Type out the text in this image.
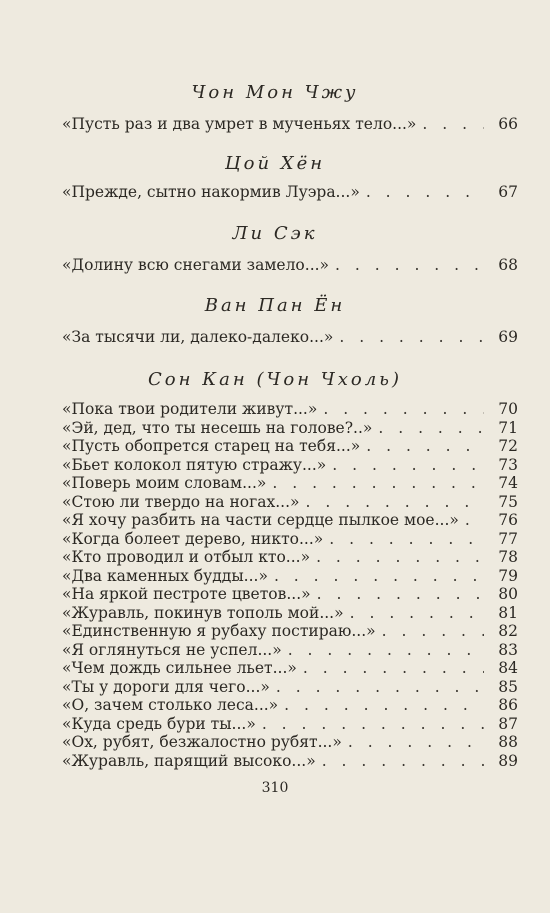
Чон Мон Чжу
«Пусть раз и два умрет в мученьях тело...» . . .	66
Цой Хён
«Прежде, сытно накормив Луэра...» . . .	67
Ли Сэк
«Долину всю снегами замело...» . . .	68
Ван Пан Ён
«За тысячи ли, далеко-далеко...» . . .	69
Сон Кан (Чон Чхоль)
«Пока твои родители живут...» . . .	70
«Эй, дед, что ты несешь на голове?..» . . .	71
«Пусть обопрется старец на тебя...» . . .	72
«Бьет колокол пятую стражу...» . . .	73
«Поверь моим словам...» . . .	74
«Стою ли твердо на ногах...» . . .	75
«Я хочу разбить на части сердце пылкое мое...» . . .	76
«Когда болеет дерево, никто...» . . .	77
«Кто проводил и отбыл кто...» . . .	78
«Два каменных будды...» . . .	79
«На яркой пестроте цветов...» . . .	80
«Журавль, покинув тополь мой...» . . .	81
«Единственную я рубаху постираю...» . . .	82
«Я оглянуться не успел...» . . .	83
«Чем дождь сильнее льет...» . . .	84
«Ты у дороги для чего...» . . .	85
«О, зачем столько леса...» . . .	86
«Куда средь бури ты...» . . .	87
«Ох, рубят, безжалостно рубят...» . . .	88
«Журавль, парящий высоко...» . . .	89
310
